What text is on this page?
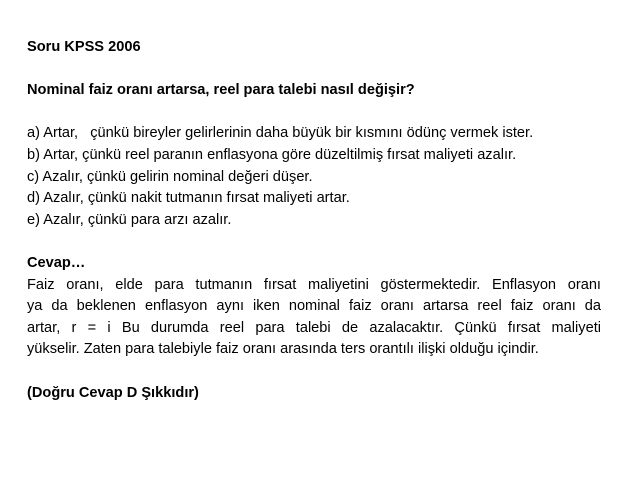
Soru KPSS 2006
Nominal faiz oranı artarsa, reel para talebi nasıl değişir?
a) Artar,   çünkü bireyler gelirlerinin daha büyük bir kısmını ödünç vermek ister.
b) Artar, çünkü reel paranın enflasyona göre düzeltilmiş fırsat maliyeti azalır.
c) Azalır, çünkü gelirin nominal değeri düşer.
d) Azalır, çünkü nakit tutmanın fırsat maliyeti artar.
e) Azalır, çünkü para arzı azalır.
Cevap…
Faiz oranı, elde para tutmanın fırsat maliyetini göstermektedir. Enflasyon oranı
ya da beklenen enflasyon aynı iken nominal faiz oranı artarsa reel faiz oranı da
artar, r = i Bu durumda reel para talebi de azalacaktır. Çünkü fırsat maliyeti
yükselir. Zaten para talebiyle faiz oranı arasında ters orantılı ilişki olduğu içindir.
(Doğru Cevap D Şıkkıdır)
